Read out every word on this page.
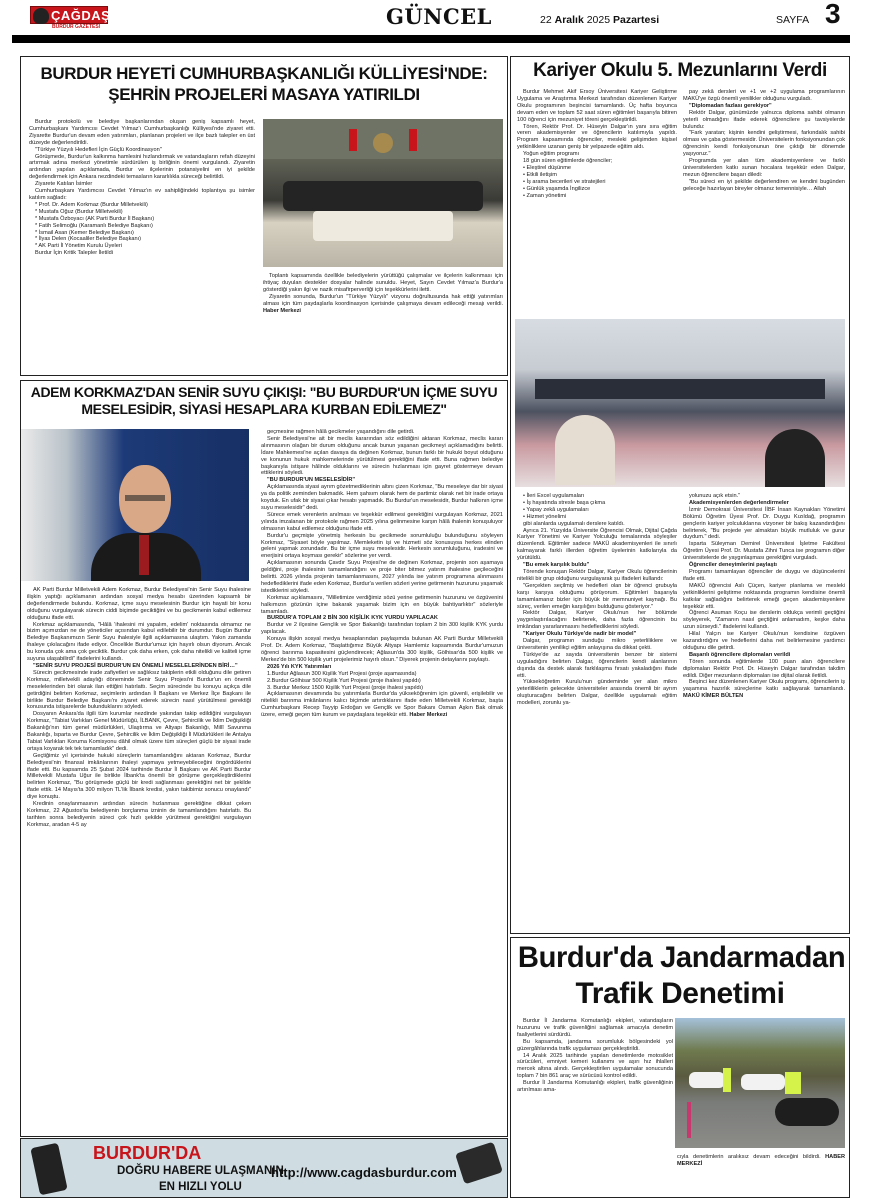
ÇAĞDAŞ
BURDUR GAZETESİ	GÜNCEL	22 Aralık 2025 Pazartesi	SAYFA 3
BURDUR HEYETİ CUMHURBAŞKANLIĞI KÜLLİYESİ'NDE:
ŞEHRİN PROJELERİ MASAYA YATIRILDI

Burdur protokolü ve belediye başkanlarından oluşan geniş kapsamlı heyet, Cumhurbaşkanı Yardımcısı Cevdet Yılmaz'ı Cumhurbaşkanlığı Külliyesi'nde ziyaret etti. Ziyarette Burdur'un devam eden yatırımları, planlanan projeleri ve ilçe bazlı talepler en üst düzeyde değerlendirildi.

"Türkiye Yüzyılı Hedefleri İçin Güçlü Koordinasyon"

Görüşmede, Burdur'un kalkınma hamlesini hızlandırmak ve vatandaşların refah düzeyini artırmak adına merkezi yönetimle sürdürülen iş birliğinin önemi vurgulandı. Ziyaretin ardından yapılan açıklamada, Burdur ve ilçelerinin potansiyelini en iyi şekilde değerlendirmek için Ankara nezdindeki temasların kararlılıkla süreceği belirtildi.

Ziyarete Katılan İsimler

Cumhurbaşkanı Yardımcısı Cevdet Yılmaz'ın ev sahipliğindeki toplantıya şu isimler katılım sağladı:

* Prof. Dr. Adem Korkmaz (Burdur Milletvekili)

* Mustafa Oğuz (Burdur Milletvekili)

* Mustafa Özboyacı (AK Parti Burdur İl Başkanı)

* Fatih Selimoğlu (Karamanlı Belediye Başkanı)

* İsmail Asan (Kemer Belediye Başkanı)

* İlyas Delen (Kocaaliler Belediye Başkanı)

* AK Parti İl Yönetim Kurulu Üyeleri

Burdur İçin Kritik Talepler İletildi

Toplantı kapsamında özellikle belediyelerin yürüttüğü çalışmalar ve ilçelerin kalkınması için ihtiyaç duyulan destekler dosyalar halinde sunuldu. Heyet, Sayın Cevdet Yılmaz'a Burdur'a gösterdiği yakın ilgi ve nazik misafirperverliği için teşekkürlerini iletti.

Ziyaretin sonunda, Burdur'un "Türkiye Yüzyılı" vizyonu doğrultusunda hak ettiği yatırımları alması için tüm paydaşlarla koordinasyon içerisinde çalışmaya devam edileceği mesajı verildi. Haber Merkezi

ADEM KORKMAZ'DAN SENİR SUYU ÇIKIŞI: "BU BURDUR'UN İÇME SUYU
MESELESİDİR, SİYASİ HESAPLARA KURBAN EDİLEMEZ"

AK Parti Burdur Milletvekili Adem Korkmaz, Burdur Belediyesi'nin Senir Suyu ihalesine ilişkin yaptığı açıklamanın ardından sosyal medya hesabı üzerinden kapsamlı bir değerlendirmede bulundu. Korkmaz, içme suyu meselesinin Burdur için hayati bir konu olduğunu vurgulayarak sürecin ciddi biçimde geciktiğini ve bu gecikmenin kabul edilemez olduğunu ifade etti.

Korkmaz açıklamasında, "Hâlâ 'ihalesini mi yapalım, edelim' noktasında olmamız ne bizim açımızdan ne de yöneticiler açısından kabul edilebilir bir durumdur. Bugün Burdur Belediye Başkanımızın Senir Suyu ihalesiyle ilgili açıklamasına ulaştım. Yakın zamanda ihaleye çıkılacağını ifade ediyor. Öncelikle Burdur'umuz için hayırlı olsun diyorum. Ancak bu konuda çok ama çok geciktik. Burdur çok daha erken, çok daha nitelikli ve kaliteli içme suyuna ulaşabilirdi" ifadelerini kullandı.

"SENİR SUYU PROJESİ BURDUR'UN EN ÖNEMLİ MESELELERİNDEN BİRİ…"

Sürecin gecikmesinde irade zafiyetleri ve sağlıksız takiplerin etkili olduğunu dile getiren Korkmaz, milletvekili adaylığı döneminde Senir Suyu Projesi'ni Burdur'un en önemli meselelerinden biri olarak ilan ettiğini hatırlattı. Seçim sürecinde bu konuyu açıkça dile getirdiğini belirten Korkmaz, seçimlerin ardından İl Başkanı ve Merkez İlçe Başkanı ile birlikte Burdur Belediye Başkanı'nı ziyaret ederek sürecin nasıl yürütülmesi gerektiği konusunda istişarelerde bulunduklarını söyledi.

Dosyanın Ankara'da ilgili tüm kurumlar nezdinde yakından takip edildiğini vurgulayan Korkmaz, "Tabiat Varlıkları Genel Müdürlüğü, İLBANK, Çevre, Şehircilik ve İklim Değişikliği Bakanlığı'nın tüm genel müdürlükleri, Ulaştırma ve Altyapı Bakanlığı, Millî Savunma Bakanlığı, Isparta ve Burdur Çevre, Şehircilik ve İklim Değişikliği İl Müdürlükleri ile Antalya Tabiat Varlıkları Koruma Komisyonu dâhil olmak üzere tüm süreçleri güçlü bir siyasi irade ortaya koyarak tek tek tamamladık" dedi.

Geçtiğimiz yıl içerisinde hukuki süreçlerin tamamlandığını aktaran Korkmaz, Burdur Belediyesi'nin finansal imkânlarının ihaleyi yapmaya yetmeyebileceğini öngördüklerini ifade etti. Bu kapsamda 25 Şubat 2024 tarihinde Burdur İl Başkanı ve AK Parti Burdur Milletvekili Mustafa Uğur ile birlikte İlbank'ta önemli bir görüşme gerçekleştirdiklerini belirten Korkmaz, "Bu görüşmede güçlü bir kredi sağlanması gerektiğini net bir şekilde ifade ettik. 14 Mayıs'ta 300 milyon TL'lik İlbank kredisi, yakın takibimiz sonucu onaylandı" diye konuştu.

Kredinin onaylanmasının ardından sürecin hızlanması gerektiğine dikkat çeken Korkmaz, 22 Ağustos'ta belediyenin borçlanma izninin de tamamlandığını hatırlattı. Bu tarihten sonra belediyenin süreci çok hızlı şekilde yürütmesi gerektiğini vurgulayan Korkmaz, aradan 4-5 ay

geçmesine rağmen hâlâ gecikmeler yaşandığını dile getirdi.

Senir Belediyesi'ne ait bir meclis kararından söz edildiğini aktaran Korkmaz, meclis kararı alınmasının olağan bir durum olduğunu ancak bunun yaşanan gecikmeyi açıklamadığını belirtti. İdare Mahkemesi'ne açılan davaya da değinen Korkmaz, bunun farklı bir hukuki boyut olduğunu ve konunun hukuk mahkemelerinde yürütülmesi gerektiğini ifade etti. Buna rağmen belediye başkanıyla istişare hâlinde olduklarını ve sürecin hızlanması için gayret göstermeye devam ettiklerini söyledi.

"BU BURDUR'UN MESELESİDİR"

Açıklamasında siyasi ayrım gözetmediklerinin altını çizen Korkmaz, "Bu meseleye dar bir siyasi ya da politik zeminden bakmadık. Hem şahsım olarak hem de partimiz olarak net bir irade ortaya koyduk. En ufak bir siyasi çıkar hesabı yapmadık. Bu Burdur'un meselesidir, Burdur halkının içme suyu meselesidir" dedi.

Sürece emek verenlerin anılması ve teşekkür edilmesi gerektiğini vurgulayan Korkmaz, 2021 yılında imzalanan bir protokole rağmen 2025 yılına gelinmesine karşın hâlâ ihalenin konuşuluyor olmasının kabul edilemez olduğunu ifade etti.

Burdur'u geçmişte yönetmiş herkesin bu gecikmede sorumluluğu bulunduğunu söyleyen Korkmaz, "Siyaset böyle yapılmaz. Memleketin işi ve hizmeti söz konusuysa herkes elinden geleni yapmak zorundadır. Bu bir içme suyu meselesidir. Herkesin sorumluluğunu, iradesini ve enerjisini ortaya koyması gerekir" sözlerine yer verdi.

Açıklamasının sonunda Çavdır Suyu Projesi'ne de değinen Korkmaz, projenin son aşamaya geldiğini, proje ihalesinin tamamlandığını ve proje biter bitmez yatırım ihalesine geçileceğini belirtti. 2026 yılında projenin tamamlanmasını, 2027 yılında ise yatırım programına alınmasını hedeflediklerini ifade eden Korkmaz, Burdur'a verilen sözleri yerine getirmenin huzurunu yaşamak istediklerini söyledi.

Korkmaz açıklamasını, "Milletimize verdiğimiz sözü yerine getirmenin huzurunu ve özgüvenini halkımızın gözünün içine bakarak yaşamak bizim için en büyük bahtiyarlıktır" sözleriyle tamamladı.

BURDUR'A TOPLAM 2 BİN 300 KİŞİLİK KYK YURDU YAPILACAK

Burdur ve 2 ilçesine Gençlik ve Spor Bakanlığı tarafından toplam 2 bin 300 kişilik KYK yurdu yapılacak.

Konuya ilişkin sosyal medya hesaplarından paylaşımda bulunan AK Parti Burdur Milletvekili Prof. Dr. Adem Korkmaz, "Başlattığımız Büyük Altyapı Hamlemiz kapsamında Burdur'umuzun öğrenci barınma kapasitesini güçlendirecek; Ağlasun'da 300 kişilik, Gölhisar'da 500 kişilik ve Merkez'de bin 500 kişilik yurt projelerimiz hayırlı olsun." Diyerek projenin detaylarını paylaştı.

2026 Yılı KYK Yatırımları

1.Burdur Ağlasun 300 Kişilik Yurt Projesi (proje aşamasında)

2.Burdur Gölhisar 500 Kişilik Yurt Projesi (proje ihalesi yapıldı)

3. Burdur Merkez 1500 Kişilik Yurt Projesi (proje ihalesi yapıldı)

Açıklamasının devamında bu yatırımlarla Burdur'da yükseköğrenim için güvenli, erişilebilir ve nitelikli barınma imkânlarını kalıcı biçimde artırdıklarını ifade eden Milletvekili Korkmaz, başta Cumhurbaşkanı Recep Tayyip Erdoğan ve Gençlik ve Spor Bakanı Osman Aşkın Bak olmak üzere, emeği geçen tüm kurum ve paydaşlara teşekkür etti. Haber Merkezi

Kariyer Okulu 5. Mezunlarını Verdi

Burdur Mehmet Akif Ersoy Üniversitesi Kariyer Geliştirme Uygulama ve Araştırma Merkezi tarafından düzenlenen Kariyer Okulu programının beşincisi tamamlandı. Üç hafta boyunca devam eden ve toplam 52 saat süren eğitimleri başarıyla bitiren 100 öğrenci için mezuniyet töreni gerçekleştirildi.

Tören, Rektör Prof. Dr. Hüseyin Dalgar'ın yanı sıra eğitim veren akademisyenler ve öğrencilerin katılımıyla yapıldı. Program kapsamında öğrenciler, mesleki gelişimden kişisel yetkinliklere uzanan geniş bir yelpazede eğitim aldı.

Yoğun eğitim programı

18 gün süren eğitimlerde öğrenciler;

• Eleştirel düşünme

• Etkili iletişim

• İş arama becerileri ve stratejileri

• Günlük yaşamda İngilizce

• Zaman yönetimi

pay zekâ dersleri ve +1 ve +2 uygulama programlarının MAKÜ'ye özgü önemli yenilikler olduğunu vurguladı.

"Diplomadan fazlası gerekiyor"

Rektör Dalgar, günümüzde yalnızca diploma sahibi olmanın yeterli olmadığını ifade ederek öğrencilere şu tavsiyelerde bulundu:

"Fark yaratan; kişinin kendini geliştirmesi, farkındalık sahibi olması ve çaba göstermesidir. Üniversitelerin fonksiyonundan çok öğrencinin kendi fonksiyonunun öne çıktığı bir dönemde yaşıyoruz."

Programda yer alan tüm akademisyenlere ve farklı üniversitelerden katkı sunan hocalara teşekkür eden Dalgar, mezun öğrencilere başarı diledi:

"Bu süreci en iyi şekilde değerlendiren ve kendini bugünden geleceğe hazırlayan bireyler olmanız temennisiyle… Allah

• İleri Excel uygulamaları

• İş hayatında stresle başa çıkma

• Yapay zekâ uygulamaları

• Hizmet yönelimi

gibi alanlarda uygulamalı derslere katıldı.

Ayrıca 21. Yüzyılda Üniversite Öğrencisi Olmak, Dijital Çağda Kariyer Yönetimi ve Kariyer Yolculuğu temalarında söyleşiler düzenlendi. Eğitimler sadece MAKÜ akademisyenleri ile sınırlı kalmayarak farklı illerden öğretim üyelerinin katkılarıyla da yürütüldü.

"Bu emek karşılık buldu"

Törende konuşan Rektör Dalgar, Kariyer Okulu öğrencilerinin nitelikli bir grup olduğunu vurgulayarak şu ifadeleri kullandı:

"Gerçekten seçilmiş ve hedefleri olan bir öğrenci grubuyla karşı karşıya olduğumu görüyorum. Eğitimleri başarıyla tamamlamanız bizler için büyük bir memnuniyet kaynağı. Bu süreç, verilen emeğin karşılığını bulduğunu gösteriyor."

Rektör Dalgar, Kariyer Okulu'nun her bölümde yaygınlaştırılacağını belirterek, daha fazla öğrencinin bu imkândan yararlanmasını hedeflediklerini söyledi.

"Kariyer Okulu Türkiye'de nadir bir model"

Dalgar, programın sunduğu mikro yeterliliklere ve üniversitenin yenilikçi eğitim anlayışına da dikkat çekti.

Türkiye'de az sayıda üniversitenin benzer bir sistemi uyguladığını belirten Dalgar, öğrencilerin kendi alanlarının dışında da destek alarak farklılaşma fırsatı yakaladığını ifade etti.

Yükseköğretim Kurulu'nun gündeminde yer alan mikro yeterliliklerin gelecekte üniversiteler arasında önemli bir ayrım oluşturacağını belirten Dalgar, özellikle uygulamalı eğitim modelleri, zorunlu ya-

yolunuzu açık etsin."

Akademisyenlerden değerlendirmeler

İzmir Demokrasi Üniversitesi İİBF İnsan Kaynakları Yönetimi Bölümü Öğretim Üyesi Prof. Dr. Duygu Kızıldağ, programın gençlerin kariyer yolculuklarına vizyoner bir bakış kazandırdığını belirterek, "Bu projede yer almaktan büyük mutluluk ve gurur duydum." dedi.

Isparta Süleyman Demirel Üniversitesi İşletme Fakültesi Öğretim Üyesi Prof. Dr. Mustafa Zihni Tunca ise programın diğer üniversitelerde de yaygınlaşması gerektiğini vurguladı.

Öğrenciler deneyimlerini paylaştı

Programı tamamlayan öğrenciler de duygu ve düşüncelerini ifade etti.

MAKÜ öğrencisi Aslı Çüçen, kariyer planlama ve mesleki yetkinliklerini geliştirme noktasında programın kendisine önemli katkılar sağladığını belirterek emeği geçen akademisyenlere teşekkür etti.

Öğrenci Asuman Koçu ise derslerin oldukça verimli geçtiğini söyleyerek, "Zamanın nasıl geçtiğini anlamadım, keşke daha uzun sürseydi." ifadelerini kullandı.

Hilal Yalçın ise Kariyer Okulu'nun kendisine özgüven kazandırdığını ve hedeflerini daha net belirlemesine yardımcı olduğunu dile getirdi.

Başarılı öğrencilere diplomaları verildi

Tören sonunda eğitimlerde 100 puan alan öğrencilere diplomaları Rektör Prof. Dr. Hüseyin Dalgar tarafından takdim edildi. Diğer mezunların diplomaları ise dijital olarak iletildi.

Beşinci kez düzenlenen Kariyer Okulu programı, öğrencilerin iş yaşamına hazırlık süreçlerine katkı sağlayarak tamamlandı. MAKÜ KİMER BÜLTEN

Burdur'da Jandarmadan
Trafik Denetimi

Burdur İl Jandarma Komutanlığı ekipleri, vatandaşların huzurunu ve trafik güvenliğini sağlamak amacıyla denetim faaliyetlerini sürdürdü.

Bu kapsamda, jandarma sorumluluk bölgesindeki yol güzergâhlarında trafik uygulaması gerçekleştirildi.

14 Aralık 2025 tarihinde yapılan denetimlerde motosiklet sürücüleri, emniyet kemeri kullanımı ve aşırı hız ihlalleri mercek altına alındı. Gerçekleştirilen uygulamalar sonucunda toplam 7 bin 861 araç ve sürücüsü kontrol edildi.

Burdur İl Jandarma Komutanlığı ekipleri, trafik güvenliğinin artırılması ama-

cıyla denetimlerin aralıksız devam edeceğini bildirdi. HABER MERKEZİ
BURDUR'DA
DOĞRU HABERE ULAŞMANIN
EN HIZLI YOLU
http://www.cagdasburdur.com
